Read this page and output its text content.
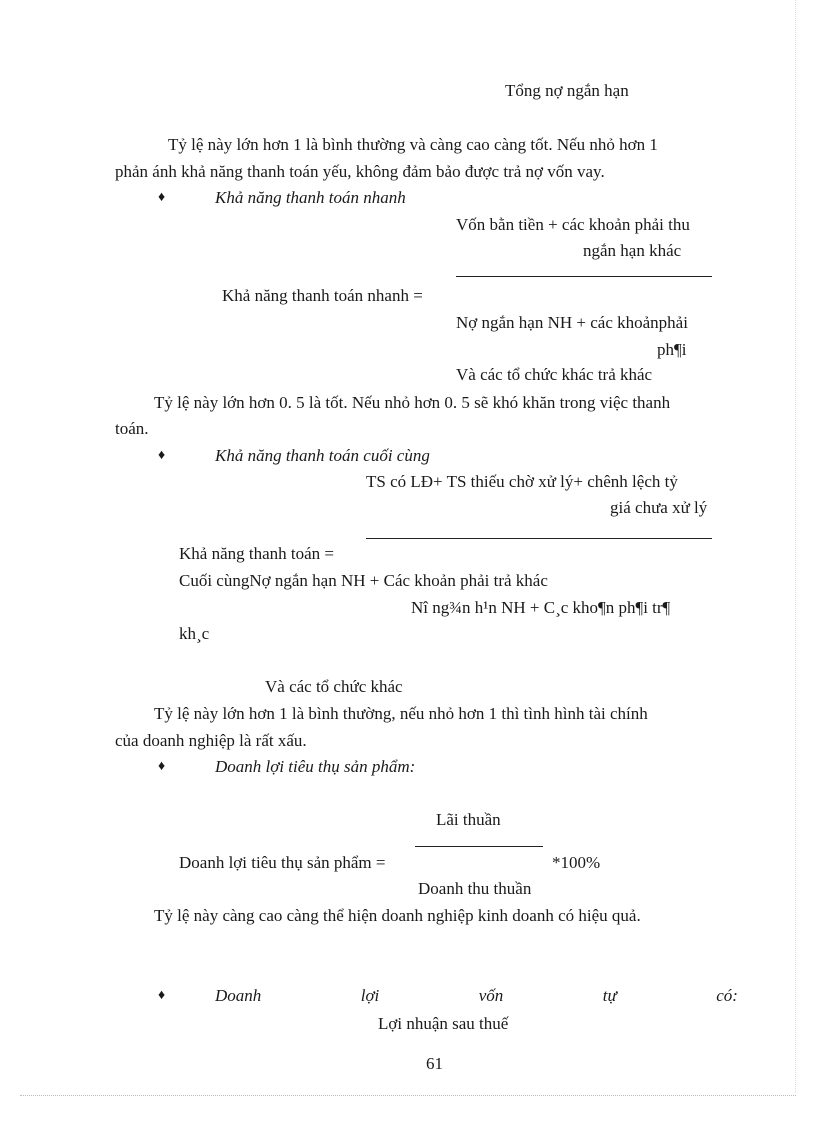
Tổng nợ ngắn hạn
Tỷ lệ này lớn hơn 1 là bình thường và càng cao càng tốt. Nếu nhỏ hơn 1
phản ánh khả năng thanh toán yếu, không đảm bảo được trả nợ vốn vay.
♦	Khả năng thanh toán nhanh
Vốn bằn tiền + các khoản phải thu
ngắn hạn khác
Khả năng thanh toán nhanh =
Nợ ngắn hạn NH + các khoảnphải
ph¶i
Và các tổ chức khác trả khác
Tỷ lệ này lớn hơn 0. 5 là tốt. Nếu nhỏ hơn 0. 5 sẽ khó khăn trong việc thanh
toán.
♦	Khả năng thanh toán cuối cùng
TS có LĐ+ TS thiếu chờ xử lý+ chênh lệch tỷ
giá chưa xử lý
Khả năng thanh toán =
Cuối cùngNợ ngắn hạn NH + Các khoản phải trả khác
Nî ng¾n h¹n NH + C¸c kho¶n ph¶i tr¶
kh¸c
Và các tổ chức khác
Tỷ lệ này lớn hơn 1 là bình thường, nếu nhỏ hơn 1 thì tình hình tài chính
của doanh nghiệp là rất xấu.
♦	Doanh lợi tiêu thụ sản phẩm:
Lãi thuần
Doanh lợi tiêu thụ sản phẩm =	*100%
Doanh thu thuần
Tỷ lệ này càng cao càng thể hiện doanh nghiệp kinh doanh có hiệu quả.
♦	Doanh	lợi	vốn	tự	có:
Lợi nhuận sau thuế
61
